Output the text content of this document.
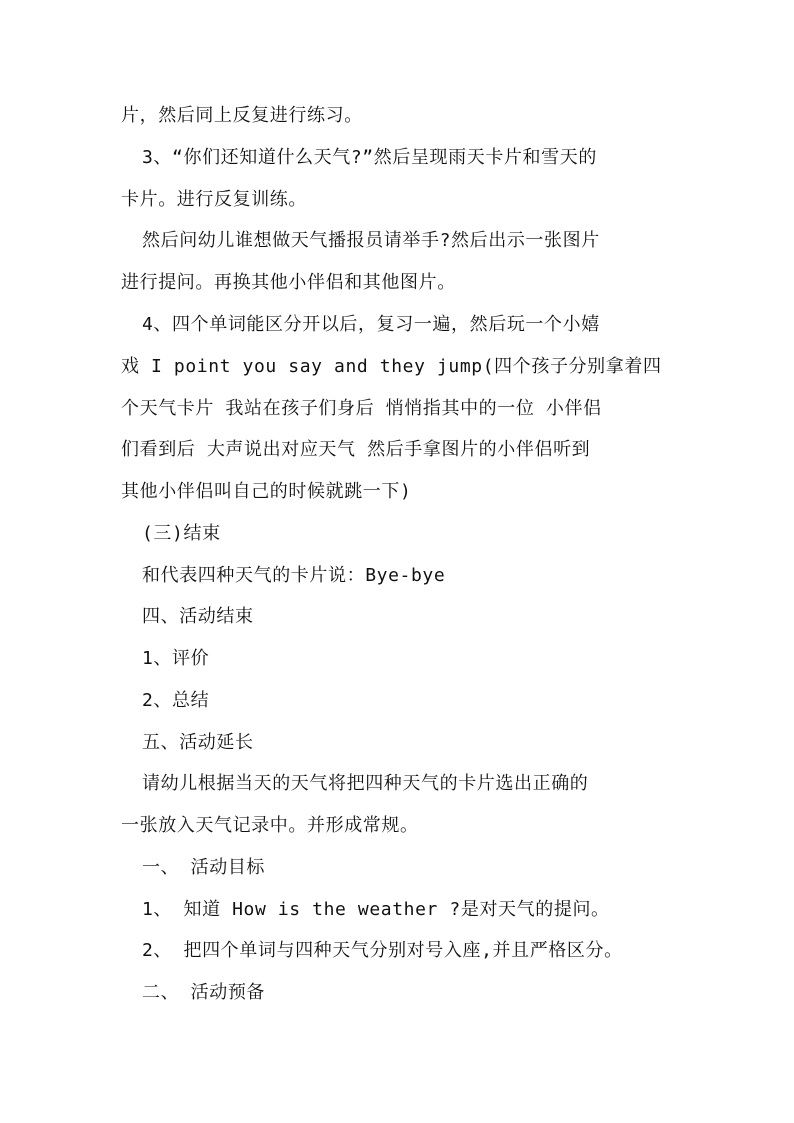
片，然后同上反复进行练习。
3、“你们还知道什么天气?”然后呈现雨天卡片和雪天的
卡片。进行反复训练。
然后问幼儿谁想做天气播报员请举手?然后出示一张图片
进行提问。再换其他小伴侣和其他图片。
4、四个单词能区分开以后，复习一遍，然后玩一个小嬉
戏 I point you say and they jump(四个孩子分别拿着四
个天气卡片 我站在孩子们身后 悄悄指其中的一位 小伴侣
们看到后 大声说出对应天气 然后手拿图片的小伴侣听到
其他小伴侣叫自己的时候就跳一下)
(三)结束
和代表四种天气的卡片说：Bye-bye
四、活动结束
1、评价
2、总结
五、活动延长
请幼儿根据当天的天气将把四种天气的卡片选出正确的
一张放入天气记录中。并形成常规。
一、 活动目标
1、 知道 How is the weather ?是对天气的提问。
2、 把四个单词与四种天气分别对号入座,并且严格区分。
二、 活动预备
